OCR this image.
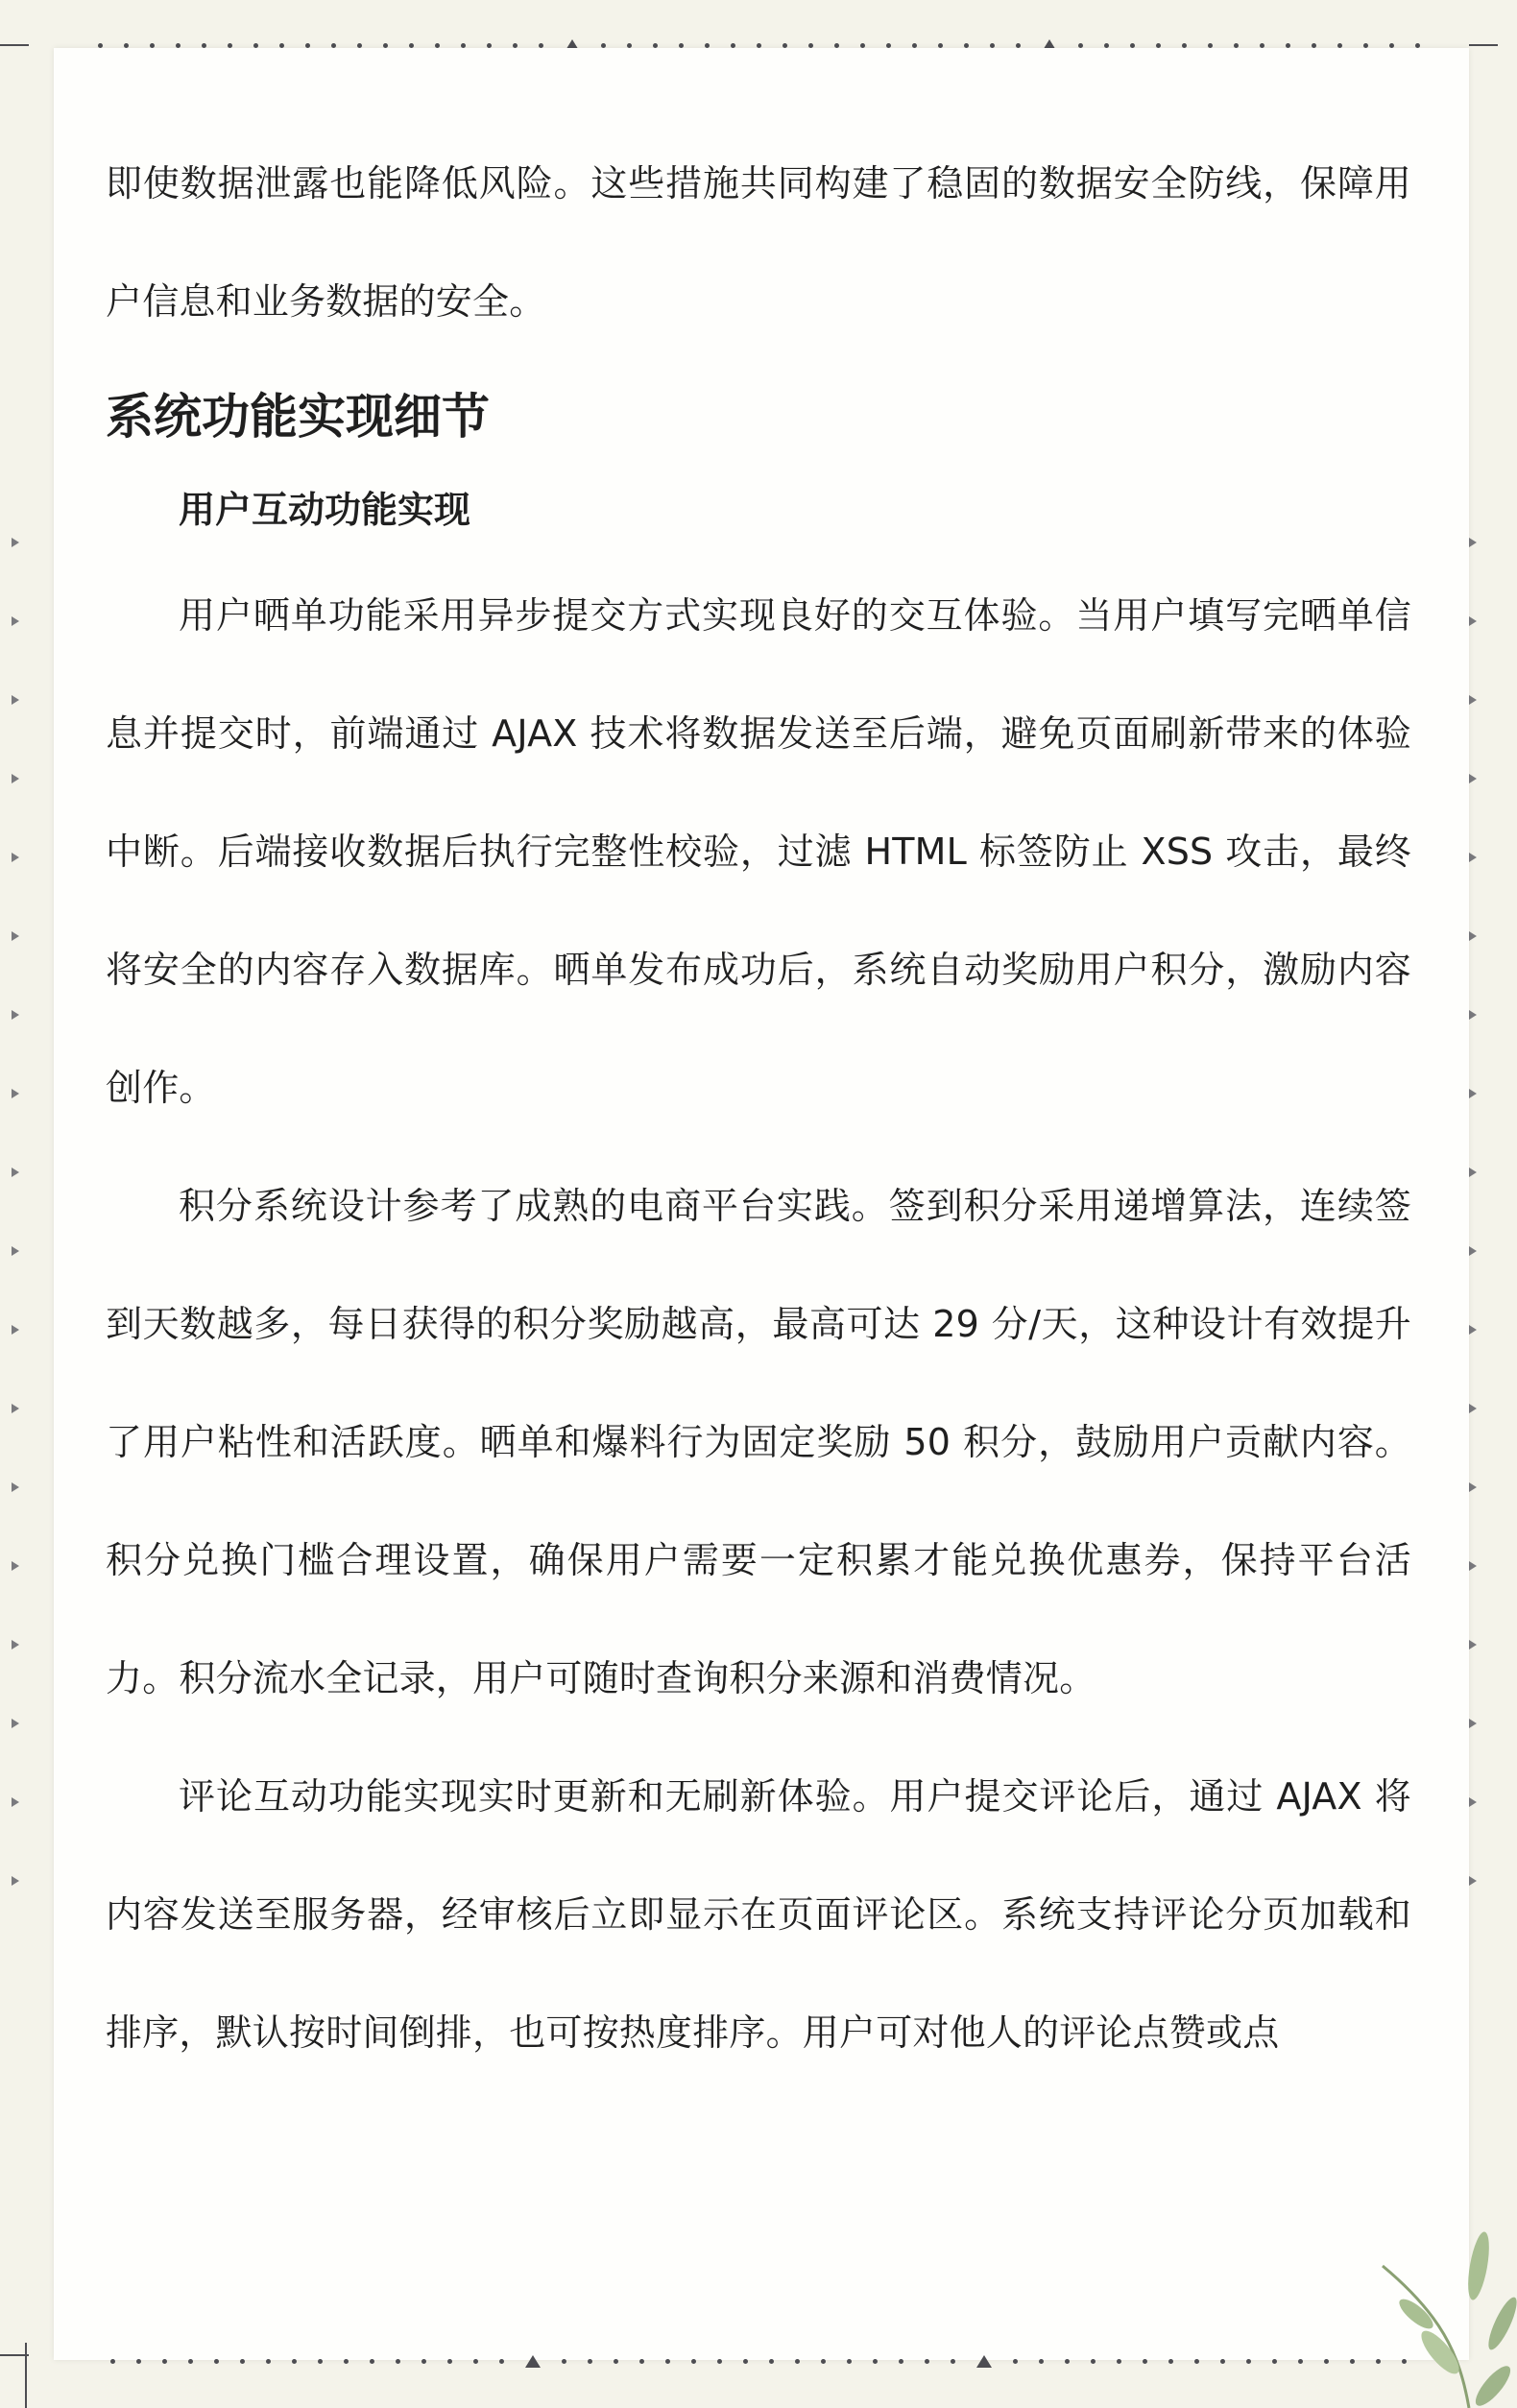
即使数据泄露也能降低风险。这些措施共同构建了稳固的数据安全防线，保障用户信息和业务数据的安全。

系统功能实现细节
用户互动功能实现

用户晒单功能采用异步提交方式实现良好的交互体验。当用户填写完晒单信息并提交时，前端通过 AJAX 技术将数据发送至后端，避免页面刷新带来的体验中断。后端接收数据后执行完整性校验，过滤 HTML 标签防止 XSS 攻击，最终将安全的内容存入数据库。晒单发布成功后，系统自动奖励用户积分，激励内容创作。

积分系统设计参考了成熟的电商平台实践。签到积分采用递增算法，连续签到天数越多，每日获得的积分奖励越高，最高可达 29 分/天，这种设计有效提升了用户粘性和活跃度。晒单和爆料行为固定奖励 50 积分，鼓励用户贡献内容。积分兑换门槛合理设置，确保用户需要一定积累才能兑换优惠券，保持平台活力。积分流水全记录，用户可随时查询积分来源和消费情况。

评论互动功能实现实时更新和无刷新体验。用户提交评论后，通过 AJAX 将内容发送至服务器，经审核后立即显示在页面评论区。系统支持评论分页加载和排序，默认按时间倒排，也可按热度排序。用户可对他人的评论点赞或点
